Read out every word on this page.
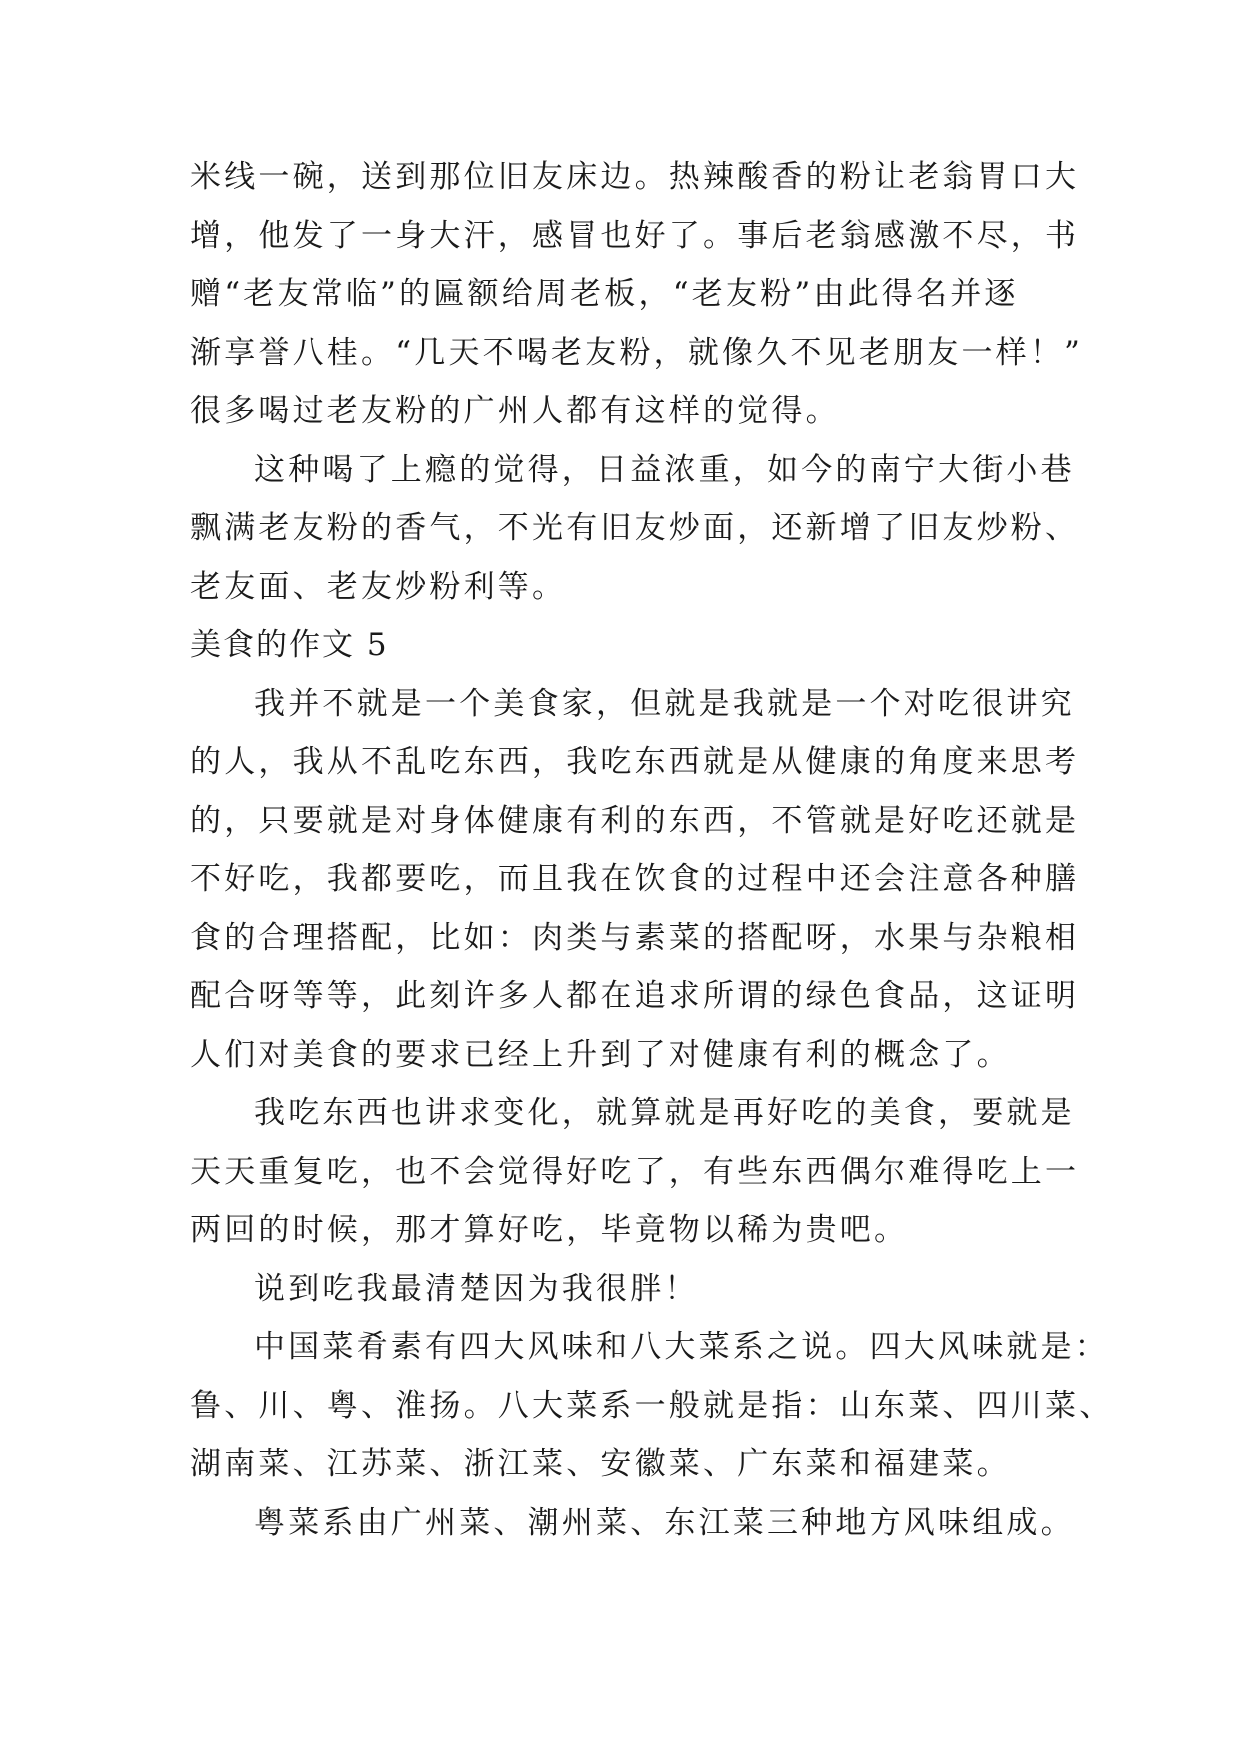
米线一碗，送到那位旧友床边。热辣酸香的粉让老翁胃口大
增，他发了一身大汗，感冒也好了。事后老翁感激不尽，书
赠“老友常临”的匾额给周老板，“老友粉”由此得名并逐
渐享誉八桂。“几天不喝老友粉，就像久不见老朋友一样！”
很多喝过老友粉的广州人都有这样的觉得。
这种喝了上瘾的觉得，日益浓重，如今的南宁大街小巷
飘满老友粉的香气，不光有旧友炒面，还新增了旧友炒粉、
老友面、老友炒粉利等。
美食的作文 5
我并不就是一个美食家，但就是我就是一个对吃很讲究
的人，我从不乱吃东西，我吃东西就是从健康的角度来思考
的，只要就是对身体健康有利的东西，不管就是好吃还就是
不好吃，我都要吃，而且我在饮食的过程中还会注意各种膳
食的合理搭配，比如：肉类与素菜的搭配呀，水果与杂粮相
配合呀等等，此刻许多人都在追求所谓的绿色食品，这证明
人们对美食的要求已经上升到了对健康有利的概念了。
我吃东西也讲求变化，就算就是再好吃的美食，要就是
天天重复吃，也不会觉得好吃了，有些东西偶尔难得吃上一
两回的时候，那才算好吃，毕竟物以稀为贵吧。
说到吃我最清楚因为我很胖！
中国菜肴素有四大风味和八大菜系之说。四大风味就是：
鲁、川、粤、淮扬。八大菜系一般就是指：山东菜、四川菜、
湖南菜、江苏菜、浙江菜、安徽菜、广东菜和福建菜。
粤菜系由广州菜、潮州菜、东江菜三种地方风味组成。
